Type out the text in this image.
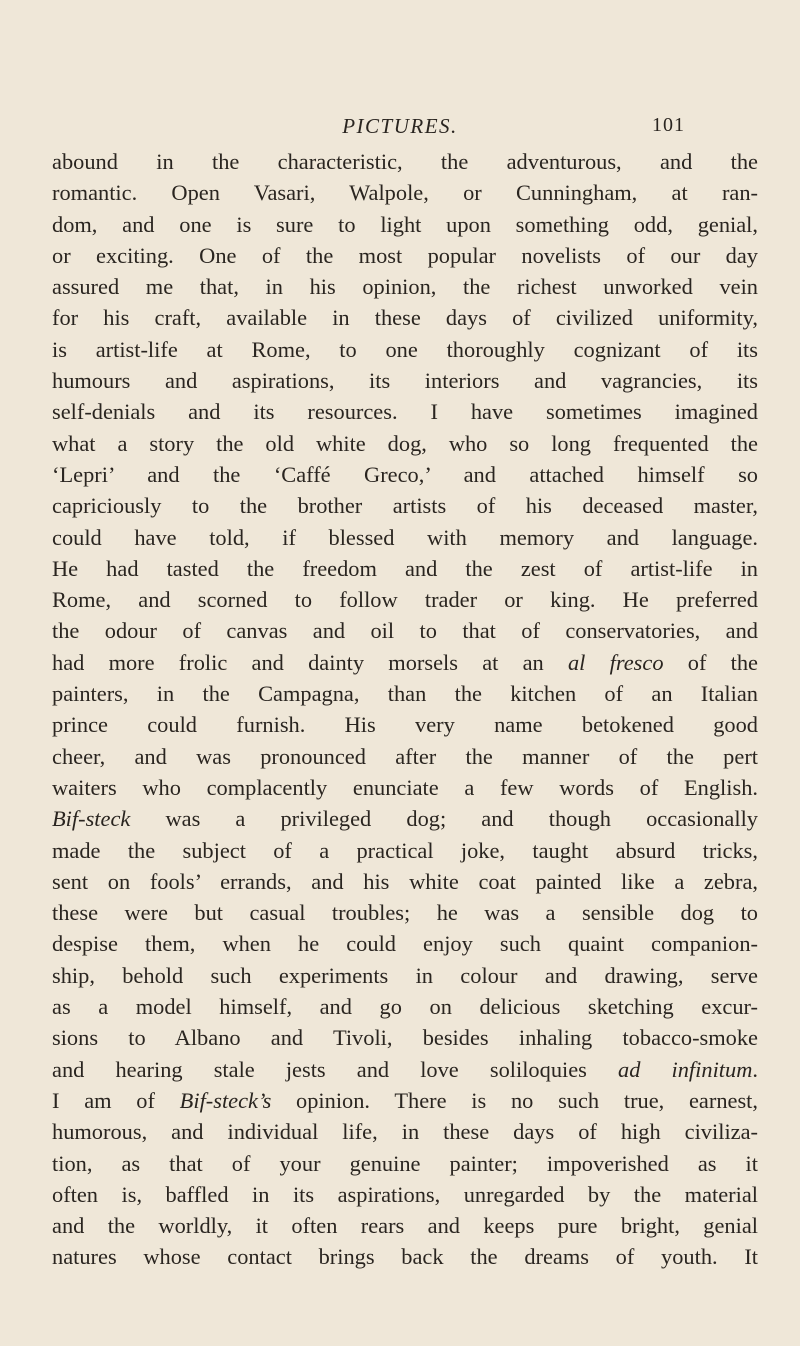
PICTURES.	101
abound in the characteristic, the adventurous, and the
romantic. Open Vasari, Walpole, or Cunningham, at ran-
dom, and one is sure to light upon something odd, genial,
or exciting. One of the most popular novelists of our day
assured me that, in his opinion, the richest unworked vein
for his craft, available in these days of civilized uniformity,
is artist-life at Rome, to one thoroughly cognizant of its
humours and aspirations, its interiors and vagrancies, its
self-denials and its resources. I have sometimes imagined
what a story the old white dog, who so long frequented the
‘Lepri’ and the ‘Caffé Greco,’ and attached himself so
capriciously to the brother artists of his deceased master,
could have told, if blessed with memory and language.
He had tasted the freedom and the zest of artist-life in
Rome, and scorned to follow trader or king. He preferred
the odour of canvas and oil to that of conservatories, and
had more frolic and dainty morsels at an al fresco of the
painters, in the Campagna, than the kitchen of an Italian
prince could furnish. His very name betokened good
cheer, and was pronounced after the manner of the pert
waiters who complacently enunciate a few words of English.
Bif-steck was a privileged dog; and though occasionally
made the subject of a practical joke, taught absurd tricks,
sent on fools’ errands, and his white coat painted like a zebra,
these were but casual troubles; he was a sensible dog to
despise them, when he could enjoy such quaint companion-
ship, behold such experiments in colour and drawing, serve
as a model himself, and go on delicious sketching excur-
sions to Albano and Tivoli, besides inhaling tobacco-smoke
and hearing stale jests and love soliloquies ad infinitum.
I am of Bif-steck’s opinion. There is no such true, earnest,
humorous, and individual life, in these days of high civiliza-
tion, as that of your genuine painter; impoverished as it
often is, baffled in its aspirations, unregarded by the material
and the worldly, it often rears and keeps pure bright, genial
natures whose contact brings back the dreams of youth. It
